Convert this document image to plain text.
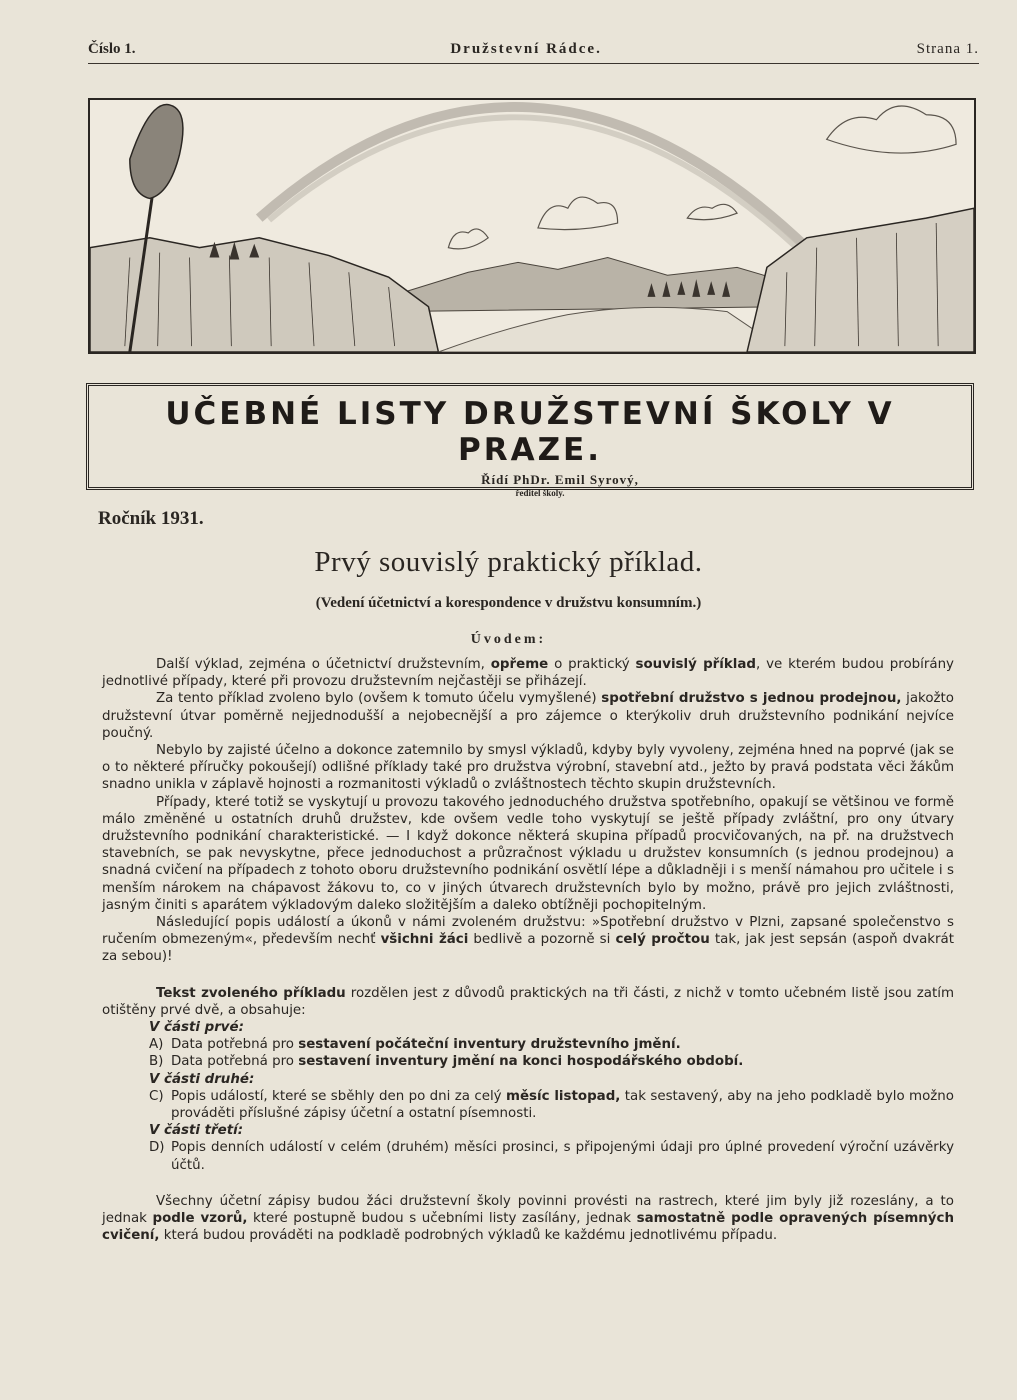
Číslo 1.	Družstevní Rádce.	Strana 1.
UČEBNÉ LISTY DRUŽSTEVNÍ ŠKOLY V PRAZE.
Řídí PhDr. Emil Syrový,
ředitel školy.
Ročník 1931.
Prvý souvislý praktický příklad.
(Vedení účetnictví a korespondence v družstvu konsumním.)
Úvodem:

Další výklad, zejména o účetnictví družstevním, opřeme o praktický souvislý příklad, ve kterém budou probírány jednotlivé případy, které při provozu družstevním nejčastěji se přiházejí.

Za tento příklad zvoleno bylo (ovšem k tomuto účelu vymyšlené) spotřební družstvo s jednou prodejnou, jakožto družstevní útvar poměrně nejjednodušší a nejobecnější a pro zájemce o kterýkoliv druh družstevního podnikání nejvíce poučný.

Nebylo by zajisté účelno a dokonce zatemnilo by smysl výkladů, kdyby byly vyvoleny, zejména hned na poprvé (jak se o to některé příručky pokoušejí) odlišné příklady také pro družstva výrobní, stavební atd., ježto by pravá podstata věci žákům snadno unikla v záplavě hojnosti a rozmanitosti výkladů o zvláštnostech těchto skupin družstevních.

Případy, které totiž se vyskytují u provozu takového jednoduchého družstva spotřebního, opakují se většinou ve formě málo změněné u ostatních druhů družstev, kde ovšem vedle toho vyskytují se ještě případy zvláštní, pro ony útvary družstevního podnikání charakteristické. — I když dokonce některá skupina případů procvičovaných, na př. na družstvech stavebních, se pak nevyskytne, přece jednoduchost a průzračnost výkladu u družstev konsumních (s jednou prodejnou) a snadná cvičení na případech z tohoto oboru družstevního podnikání osvětlí lépe a důkladněji i s menší námahou pro učitele i s menším nárokem na chápavost žákovu to, co v jiných útvarech družstevních bylo by možno, právě pro jejich zvláštnosti, jasným činiti s aparátem výkladovým daleko složitějším a daleko obtížněji pochopitelným.

Následující popis událostí a úkonů v námi zvoleném družstvu: »Spotřební družstvo v Plzni, zapsané společenstvo s ručením obmezeným«, především nechť všichni žáci bedlivě a pozorně si celý pročtou tak, jak jest sepsán (aspoň dvakrát za sebou)!

Tekst zvoleného příkladu rozdělen jest z důvodů praktických na tři části, z nichž v tomto učebném listě jsou zatím otištěny prvé dvě, a obsahuje:

V části prvé:
A) Data potřebná pro sestavení počáteční inventury družstevního jmění.
B) Data potřebná pro sestavení inventury jmění na konci hospodářského období.
V části druhé:
C) Popis událostí, které se sběhly den po dni za celý měsíc listopad, tak sestavený, aby na jeho podkladě bylo možno prováděti příslušné zápisy účetní a ostatní písemnosti.
V části třetí:
D) Popis denních událostí v celém (druhém) měsíci prosinci, s připojenými údaji pro úplné provedení výroční uzávěrky účtů.

Všechny účetní zápisy budou žáci družstevní školy povinni provésti na rastrech, které jim byly již rozeslány, a to jednak podle vzorů, které postupně budou s učebními listy zasílány, jednak samostatně podle opravených písemných cvičení, která budou prováděti na podkladě podrobných výkladů ke každému jednotlivému případu.
